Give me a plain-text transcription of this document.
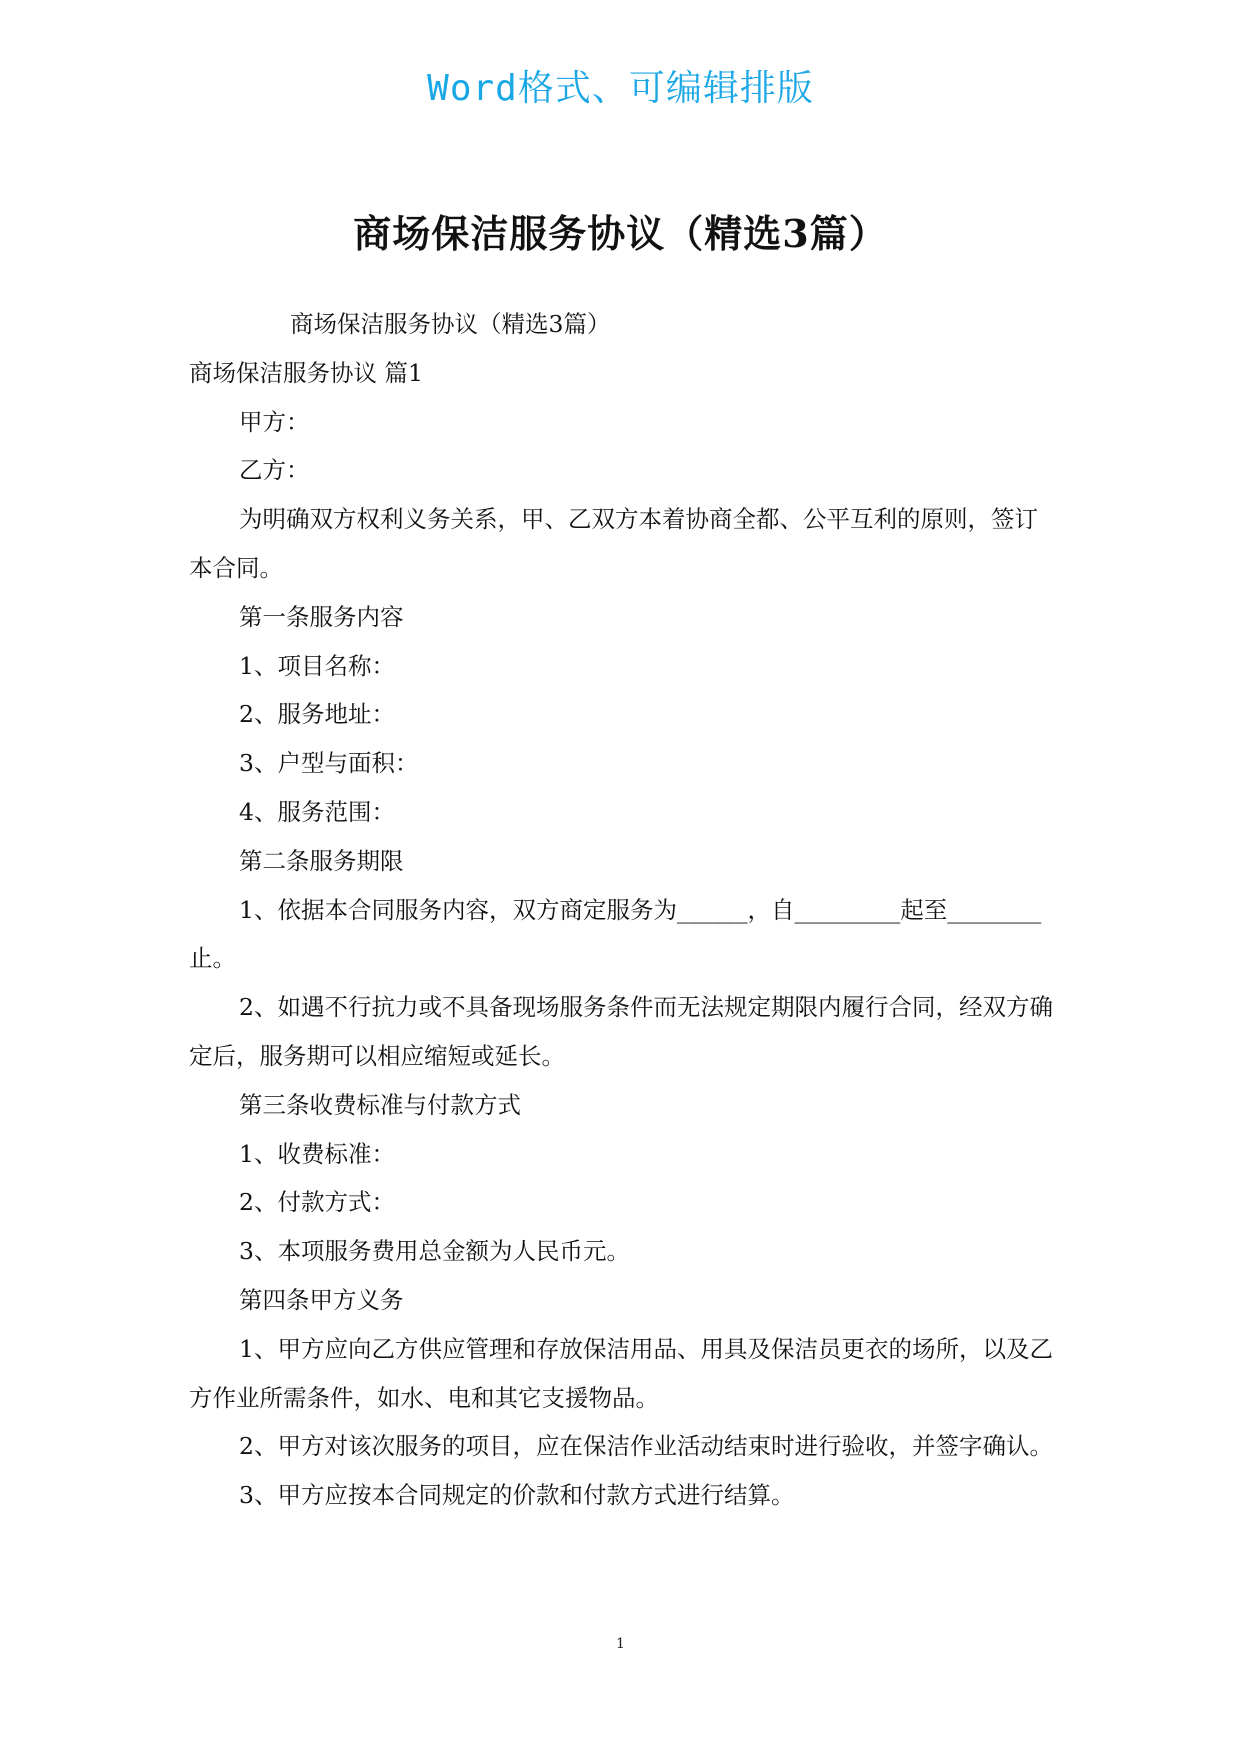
Word格式、可编辑排版
商场保洁服务协议（精选3篇）

商场保洁服务协议（精选3篇）

商场保洁服务协议 篇1

甲方：

乙方：

为明确双方权利义务关系，甲、乙双方本着协商全都、公平互利的原则，签订本合同。

第一条服务内容

1、项目名称：

2、服务地址：

3、户型与面积：

4、服务范围：

第二条服务期限

1、依据本合同服务内容，双方商定服务为______，自_________起至________止。

2、如遇不行抗力或不具备现场服务条件而无法规定期限内履行合同，经双方确定后，服务期可以相应缩短或延长。

第三条收费标准与付款方式

1、收费标准：

2、付款方式：

3、本项服务费用总金额为人民币元。

第四条甲方义务

1、甲方应向乙方供应管理和存放保洁用品、用具及保洁员更衣的场所，以及乙方作业所需条件，如水、电和其它支援物品。

2、甲方对该次服务的项目，应在保洁作业活动结束时进行验收，并签字确认。

3、甲方应按本合同规定的价款和付款方式进行结算。

1
